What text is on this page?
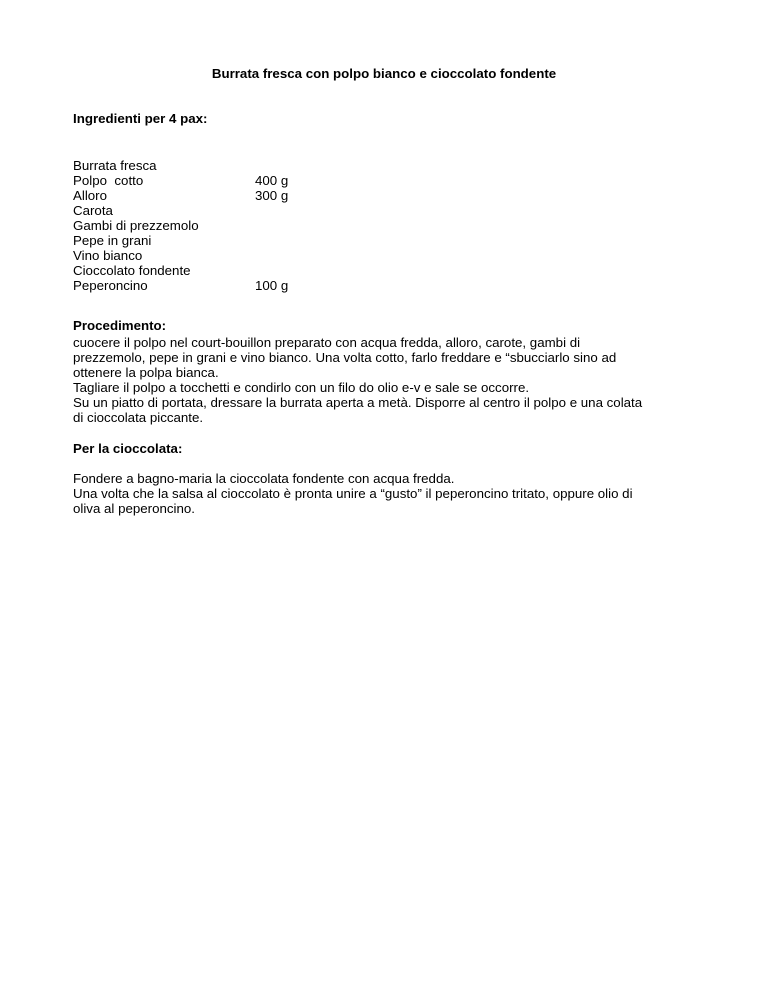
Burrata fresca con polpo bianco e cioccolato fondente
Ingredienti per 4 pax:

Burrata fresca

400 g

Polpo  cotto

300 g

Alloro

Carota

Gambi di prezzemolo

Pepe in grani

Vino bianco

Cioccolato fondente

100 g

Peperoncino

Procedimento:

cuocere il polpo nel court-bouillon preparato con acqua fredda, alloro, carote, gambi di

prezzemolo, pepe in grani e vino bianco. Una volta cotto, farlo freddare e “sbucciarlo sino ad

ottenere la polpa bianca.

Tagliare il polpo a tocchetti e condirlo con un filo do olio e-v e sale se occorre.

Su un piatto di portata, dressare la burrata aperta a metà. Disporre al centro il polpo e una colata

di cioccolata piccante.

Per la cioccolata:

Fondere a bagno-maria la cioccolata fondente con acqua fredda.

Una volta che la salsa al cioccolato è pronta unire a “gusto” il peperoncino tritato, oppure olio di

oliva al peperoncino.
